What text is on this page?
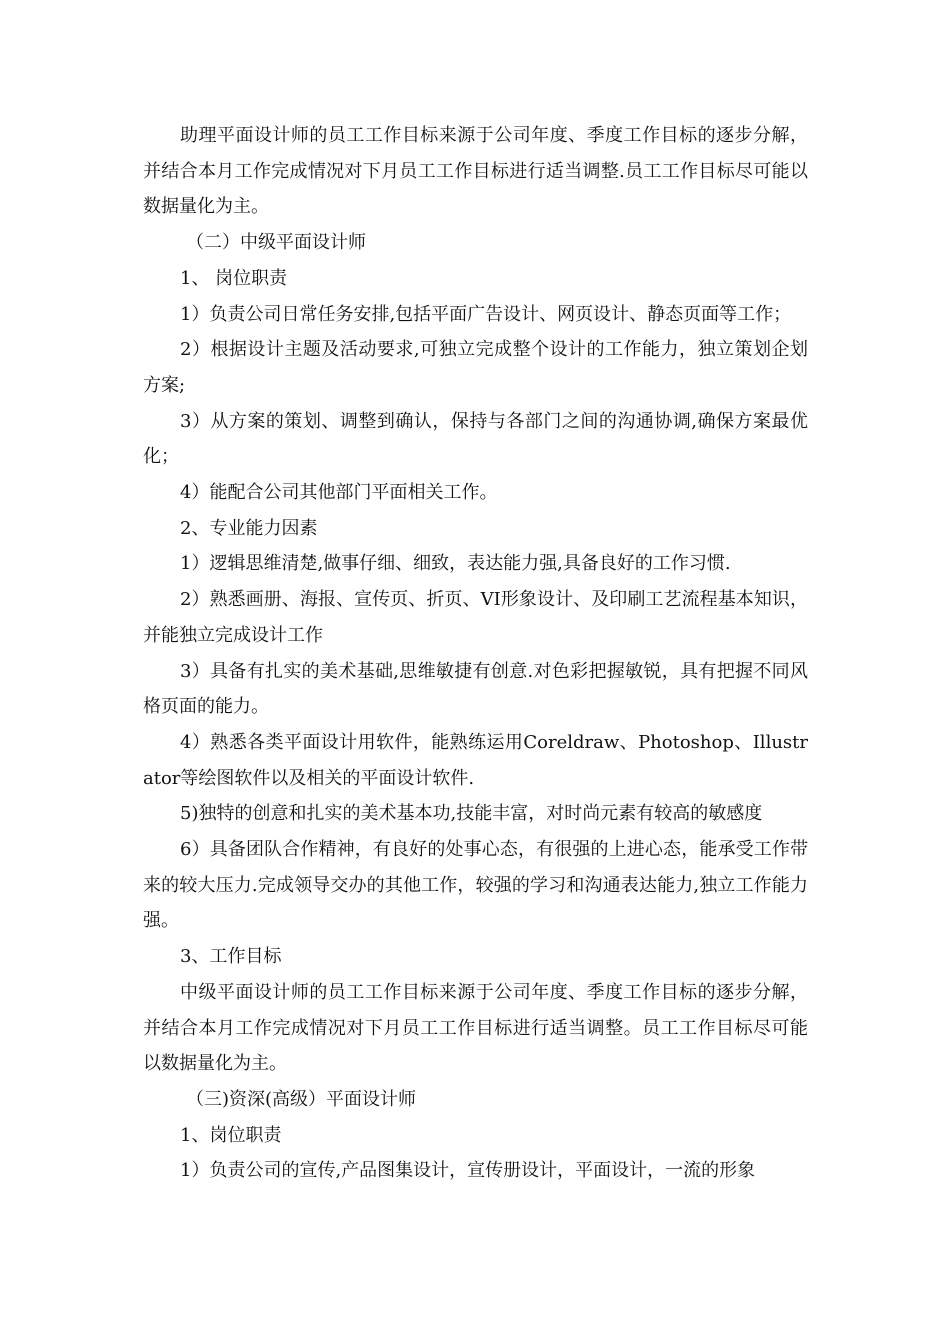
助理平面设计师的员工工作目标来源于公司年度、季度工作目标的逐步分解，并结合本月工作完成情况对下月员工工作目标进行适当调整.员工工作目标尽可能以数据量化为主。

（二）中级平面设计师

1、 岗位职责

1）负责公司日常任务安排,包括平面广告设计、网页设计、静态页面等工作；

2）根据设计主题及活动要求,可独立完成整个设计的工作能力，独立策划企划方案;

3）从方案的策划、调整到确认，保持与各部门之间的沟通协调,确保方案最优化；

4）能配合公司其他部门平面相关工作。

2、专业能力因素

1）逻辑思维清楚,做事仔细、细致，表达能力强,具备良好的工作习惯.

2）熟悉画册、海报、宣传页、折页、VI形象设计、及印刷工艺流程基本知识，并能独立完成设计工作

3）具备有扎实的美术基础,思维敏捷有创意.对色彩把握敏锐，具有把握不同风格页面的能力。

4）熟悉各类平面设计用软件，能熟练运用Coreldraw、Photoshop、Illustrator等绘图软件以及相关的平面设计软件.

5)独特的创意和扎实的美术基本功,技能丰富，对时尚元素有较高的敏感度

6）具备团队合作精神，有良好的处事心态，有很强的上进心态，能承受工作带来的较大压力.完成领导交办的其他工作，较强的学习和沟通表达能力,独立工作能力强。

3、工作目标

中级平面设计师的员工工作目标来源于公司年度、季度工作目标的逐步分解，并结合本月工作完成情况对下月员工工作目标进行适当调整。员工工作目标尽可能以数据量化为主。

（三)资深(高级）平面设计师

1、岗位职责

1）负责公司的宣传,产品图集设计，宣传册设计，平面设计，一流的形象
